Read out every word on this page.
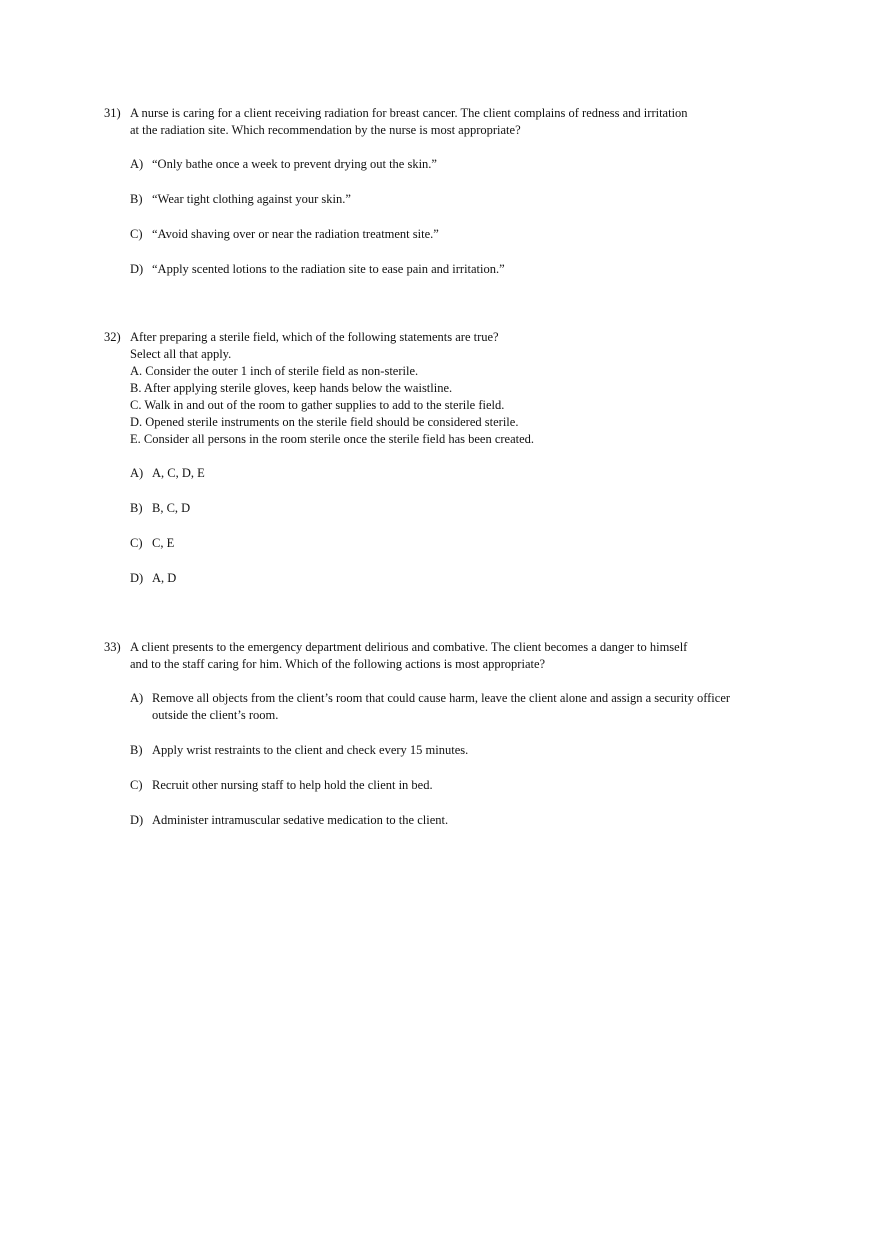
31) A nurse is caring for a client receiving radiation for breast cancer. The client complains of redness and irritation
at the radiation site. Which recommendation by the nurse is most appropriate?
A) “Only bathe once a week to prevent drying out the skin.”
B) “Wear tight clothing against your skin.”
C) “Avoid shaving over or near the radiation treatment site.”
D) “Apply scented lotions to the radiation site to ease pain and irritation.”
32) After preparing a sterile field, which of the following statements are true?
Select all that apply.
A. Consider the outer 1 inch of sterile field as non-sterile.
B. After applying sterile gloves, keep hands below the waistline.
C. Walk in and out of the room to gather supplies to add to the sterile field.
D. Opened sterile instruments on the sterile field should be considered sterile.
E. Consider all persons in the room sterile once the sterile field has been created.
A) A, C, D, E
B) B, C, D
C) C, E
D) A, D
33) A client presents to the emergency department delirious and combative. The client becomes a danger to himself
and to the staff caring for him. Which of the following actions is most appropriate?
A) Remove all objects from the client’s room that could cause harm, leave the client alone and assign a security officer outside the client’s room.
B) Apply wrist restraints to the client and check every 15 minutes.
C) Recruit other nursing staff to help hold the client in bed.
D) Administer intramuscular sedative medication to the client.
